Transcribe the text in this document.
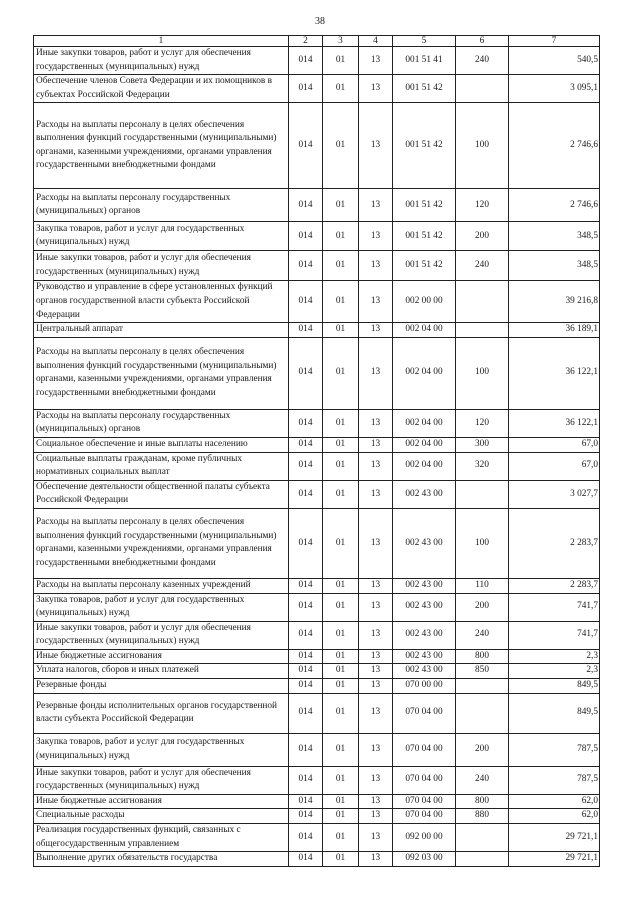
38
1	2	3	4	5	6	7
Иные закупки товаров, работ и услуг для обеспечения государственных (муниципальных) нужд	014	01	13	001 51 41	240	540,5
Обеспечение членов Совета Федерации и их помощников в субъектах Российской Федерации	014	01	13	001 51 42		3 095,1
Расходы на выплаты персоналу в целях обеспечения выполнения функций государственными (муниципальными) органами, казенными учреждениями, органами управления государственными внебюджетными фондами	014	01	13	001 51 42	100	2 746,6
Расходы на выплаты персоналу государственных (муниципальных) органов	014	01	13	001 51 42	120	2 746,6
Закупка товаров, работ и услуг для государственных (муниципальных) нужд	014	01	13	001 51 42	200	348,5
Иные закупки товаров, работ и услуг для обеспечения государственных (муниципальных) нужд	014	01	13	001 51 42	240	348,5
Руководство и управление в сфере установленных функций органов государственной власти субъекта Российской Федерации	014	01	13	002 00 00		39 216,8
Центральный аппарат	014	01	13	002 04 00		36 189,1
Расходы на выплаты персоналу в целях обеспечения выполнения функций государственными (муниципальными) органами, казенными учреждениями, органами управления государственными внебюджетными фондами	014	01	13	002 04 00	100	36 122,1
Расходы на выплаты персоналу государственных (муниципальных) органов	014	01	13	002 04 00	120	36 122,1
Социальное обеспечение и иные выплаты населению	014	01	13	002 04 00	300	67,0
Социальные выплаты гражданам, кроме публичных нормативных социальных выплат	014	01	13	002 04 00	320	67,0
Обеспечение деятельности общественной палаты субъекта Российской Федерации	014	01	13	002 43 00		3 027,7
Расходы на выплаты персоналу в целях обеспечения выполнения функций государственными (муниципальными) органами, казенными учреждениями, органами управления государственными внебюджетными фондами	014	01	13	002 43 00	100	2 283,7
Расходы на выплаты персоналу казенных учреждений	014	01	13	002 43 00	110	2 283,7
Закупка товаров, работ и услуг для государственных (муниципальных) нужд	014	01	13	002 43 00	200	741,7
Иные закупки товаров, работ и услуг для обеспечения государственных (муниципальных) нужд	014	01	13	002 43 00	240	741,7
Иные бюджетные ассигнования	014	01	13	002 43 00	800	2,3
Уплата налогов, сборов и иных платежей	014	01	13	002 43 00	850	2,3
Резервные фонды	014	01	13	070 00 00		849,5
Резервные фонды исполнительных органов государственной власти субъекта Российской Федерации	014	01	13	070 04 00		849,5
Закупка товаров, работ и услуг для государственных (муниципальных) нужд	014	01	13	070 04 00	200	787,5
Иные закупки товаров, работ и услуг для обеспечения государственных (муниципальных) нужд	014	01	13	070 04 00	240	787,5
Иные бюджетные ассигнования	014	01	13	070 04 00	800	62,0
Специальные расходы	014	01	13	070 04 00	880	62,0
Реализация государственных функций, связанных с общегосударственным управлением	014	01	13	092 00 00		29 721,1
Выполнение других обязательств государства	014	01	13	092 03 00		29 721,1
